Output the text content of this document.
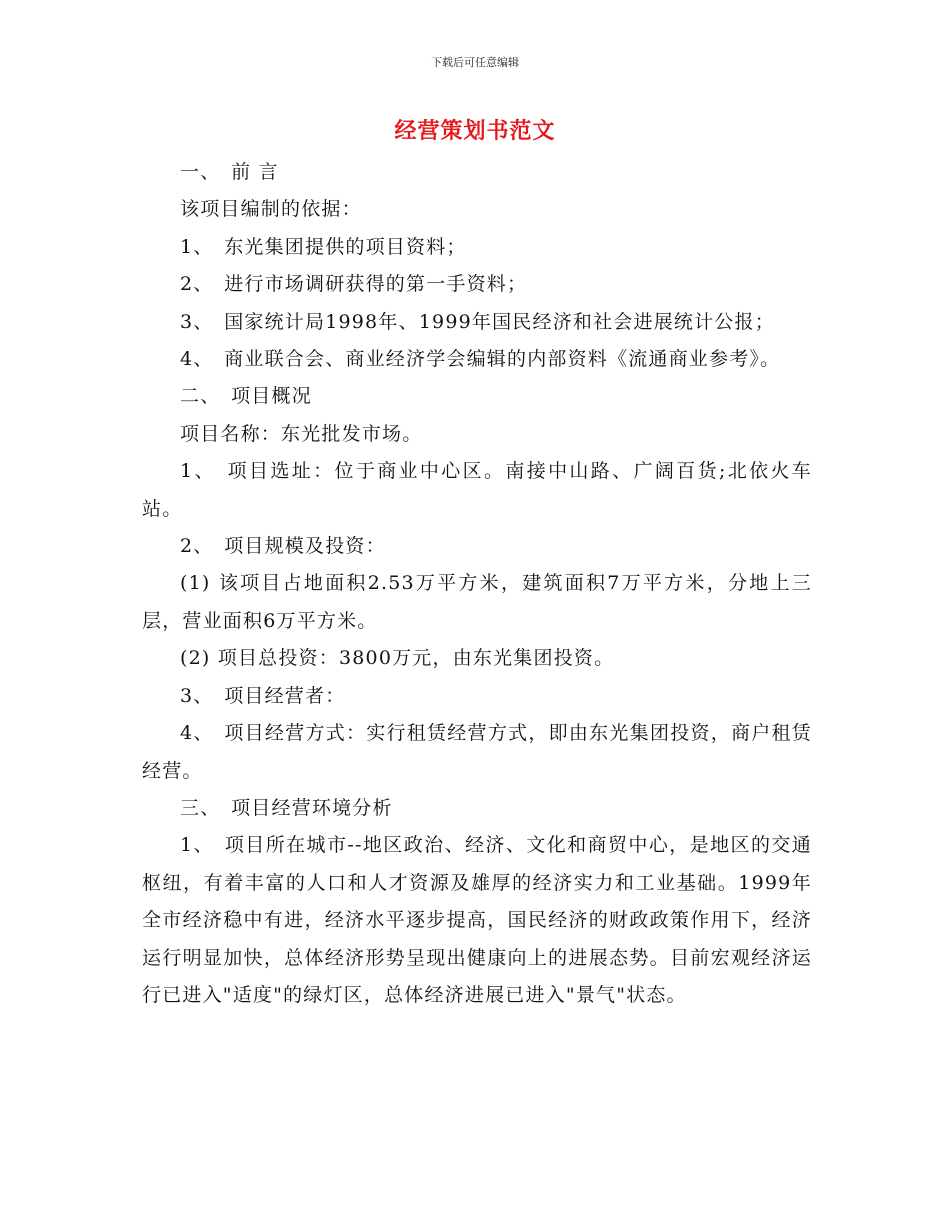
下载后可任意编辑
经营策划书范文

一、　前 言

该项目编制的依据：

1、　东光集团提供的项目资料；

2、　进行市场调研获得的第一手资料；

3、　国家统计局1998年、1999年国民经济和社会进展统计公报；

4、　商业联合会、商业经济学会编辑的内部资料《流通商业参考》。

二、　项目概况

项目名称：东光批发市场。

1、　项目选址：位于商业中心区。南接中山路、广阔百货;北依火车站。

2、　项目规模及投资：

(1) 该项目占地面积2.53万平方米，建筑面积7万平方米，分地上三层，营业面积6万平方米。

(2) 项目总投资：3800万元，由东光集团投资。

3、　项目经营者：

4、　项目经营方式：实行租赁经营方式，即由东光集团投资，商户租赁经营。

三、　项目经营环境分析

1、　项目所在城市--地区政治、经济、文化和商贸中心，是地区的交通枢纽，有着丰富的人口和人才资源及雄厚的经济实力和工业基础。1999年全市经济稳中有进，经济水平逐步提高，国民经济的财政政策作用下，经济运行明显加快，总体经济形势呈现出健康向上的进展态势。目前宏观经济运行已进入"适度"的绿灯区，总体经济进展已进入"景气"状态。
